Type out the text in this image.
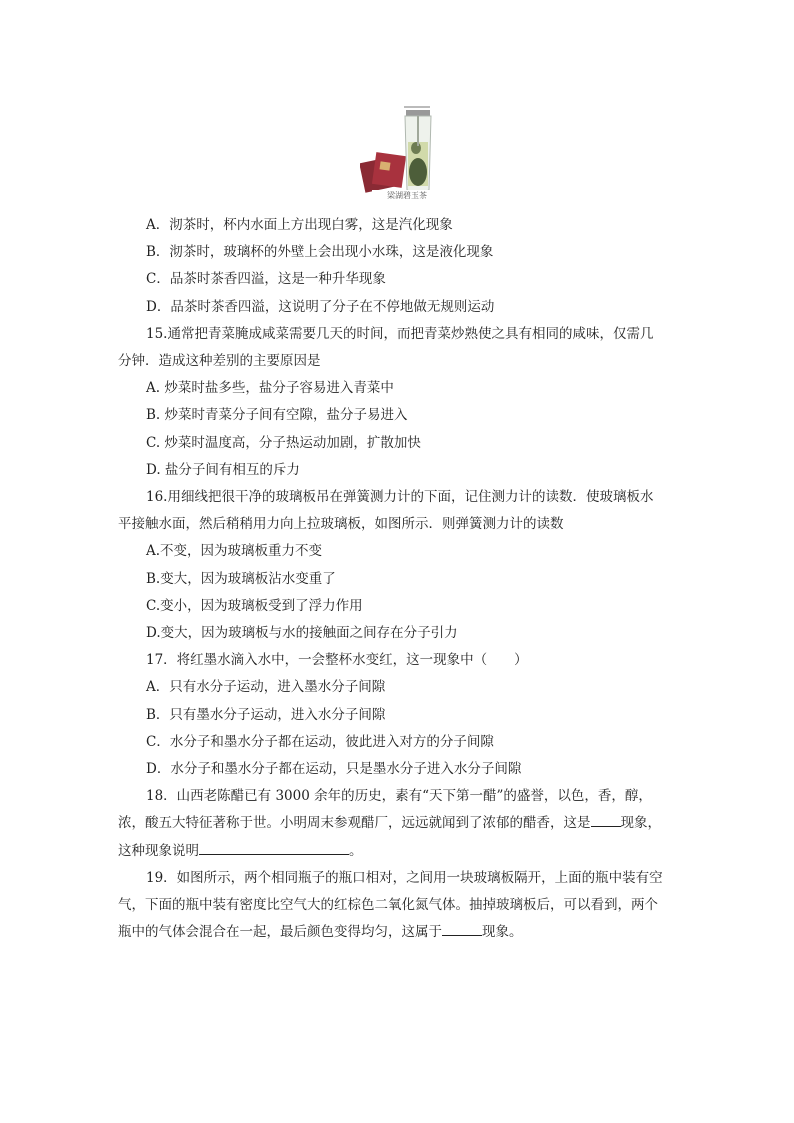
梁湖碧玉茶

A．沏茶时，杯内水面上方出现白雾，这是汽化现象

B．沏茶时，玻璃杯的外壁上会出现小水珠，这是液化现象

C．品茶时茶香四溢，这是一种升华现象

D．品茶时茶香四溢，这说明了分子在不停地做无规则运动

15.通常把青菜腌成咸菜需要几天的时间，而把青菜炒熟使之具有相同的咸味，仅需几

分钟．造成这种差别的主要原因是

A. 炒菜时盐多些，盐分子容易进入青菜中

B. 炒菜时青菜分子间有空隙，盐分子易进入

C. 炒菜时温度高，分子热运动加剧，扩散加快

D. 盐分子间有相互的斥力

16.用细线把很干净的玻璃板吊在弹簧测力计的下面，记住测力计的读数．使玻璃板水

平接触水面，然后稍稍用力向上拉玻璃板，如图所示．则弹簧测力计的读数

A.不变，因为玻璃板重力不变

B.变大，因为玻璃板沾水变重了

C.变小，因为玻璃板受到了浮力作用

D.变大，因为玻璃板与水的接触面之间存在分子引力

17．将红墨水滴入水中，一会整杯水变红，这一现象中（　　）

A．只有水分子运动，进入墨水分子间隙

B．只有墨水分子运动，进入水分子间隙

C．水分子和墨水分子都在运动，彼此进入对方的分子间隙

D．水分子和墨水分子都在运动，只是墨水分子进入水分子间隙

18．山西老陈醋已有 3000 余年的历史，素有“天下第一醋”的盛誉，以色，香，醇，

浓，酸五大特征著称于世。小明周末参观醋厂，远远就闻到了浓郁的醋香，这是 现象，

这种现象说明	。

19．如图所示，两个相同瓶子的瓶口相对，之间用一块玻璃板隔开，上面的瓶中装有空

气，下面的瓶中装有密度比空气大的红棕色二氧化氮气体。抽掉玻璃板后，可以看到，两个

瓶中的气体会混合在一起，最后颜色变得均匀，这属于	现象。
